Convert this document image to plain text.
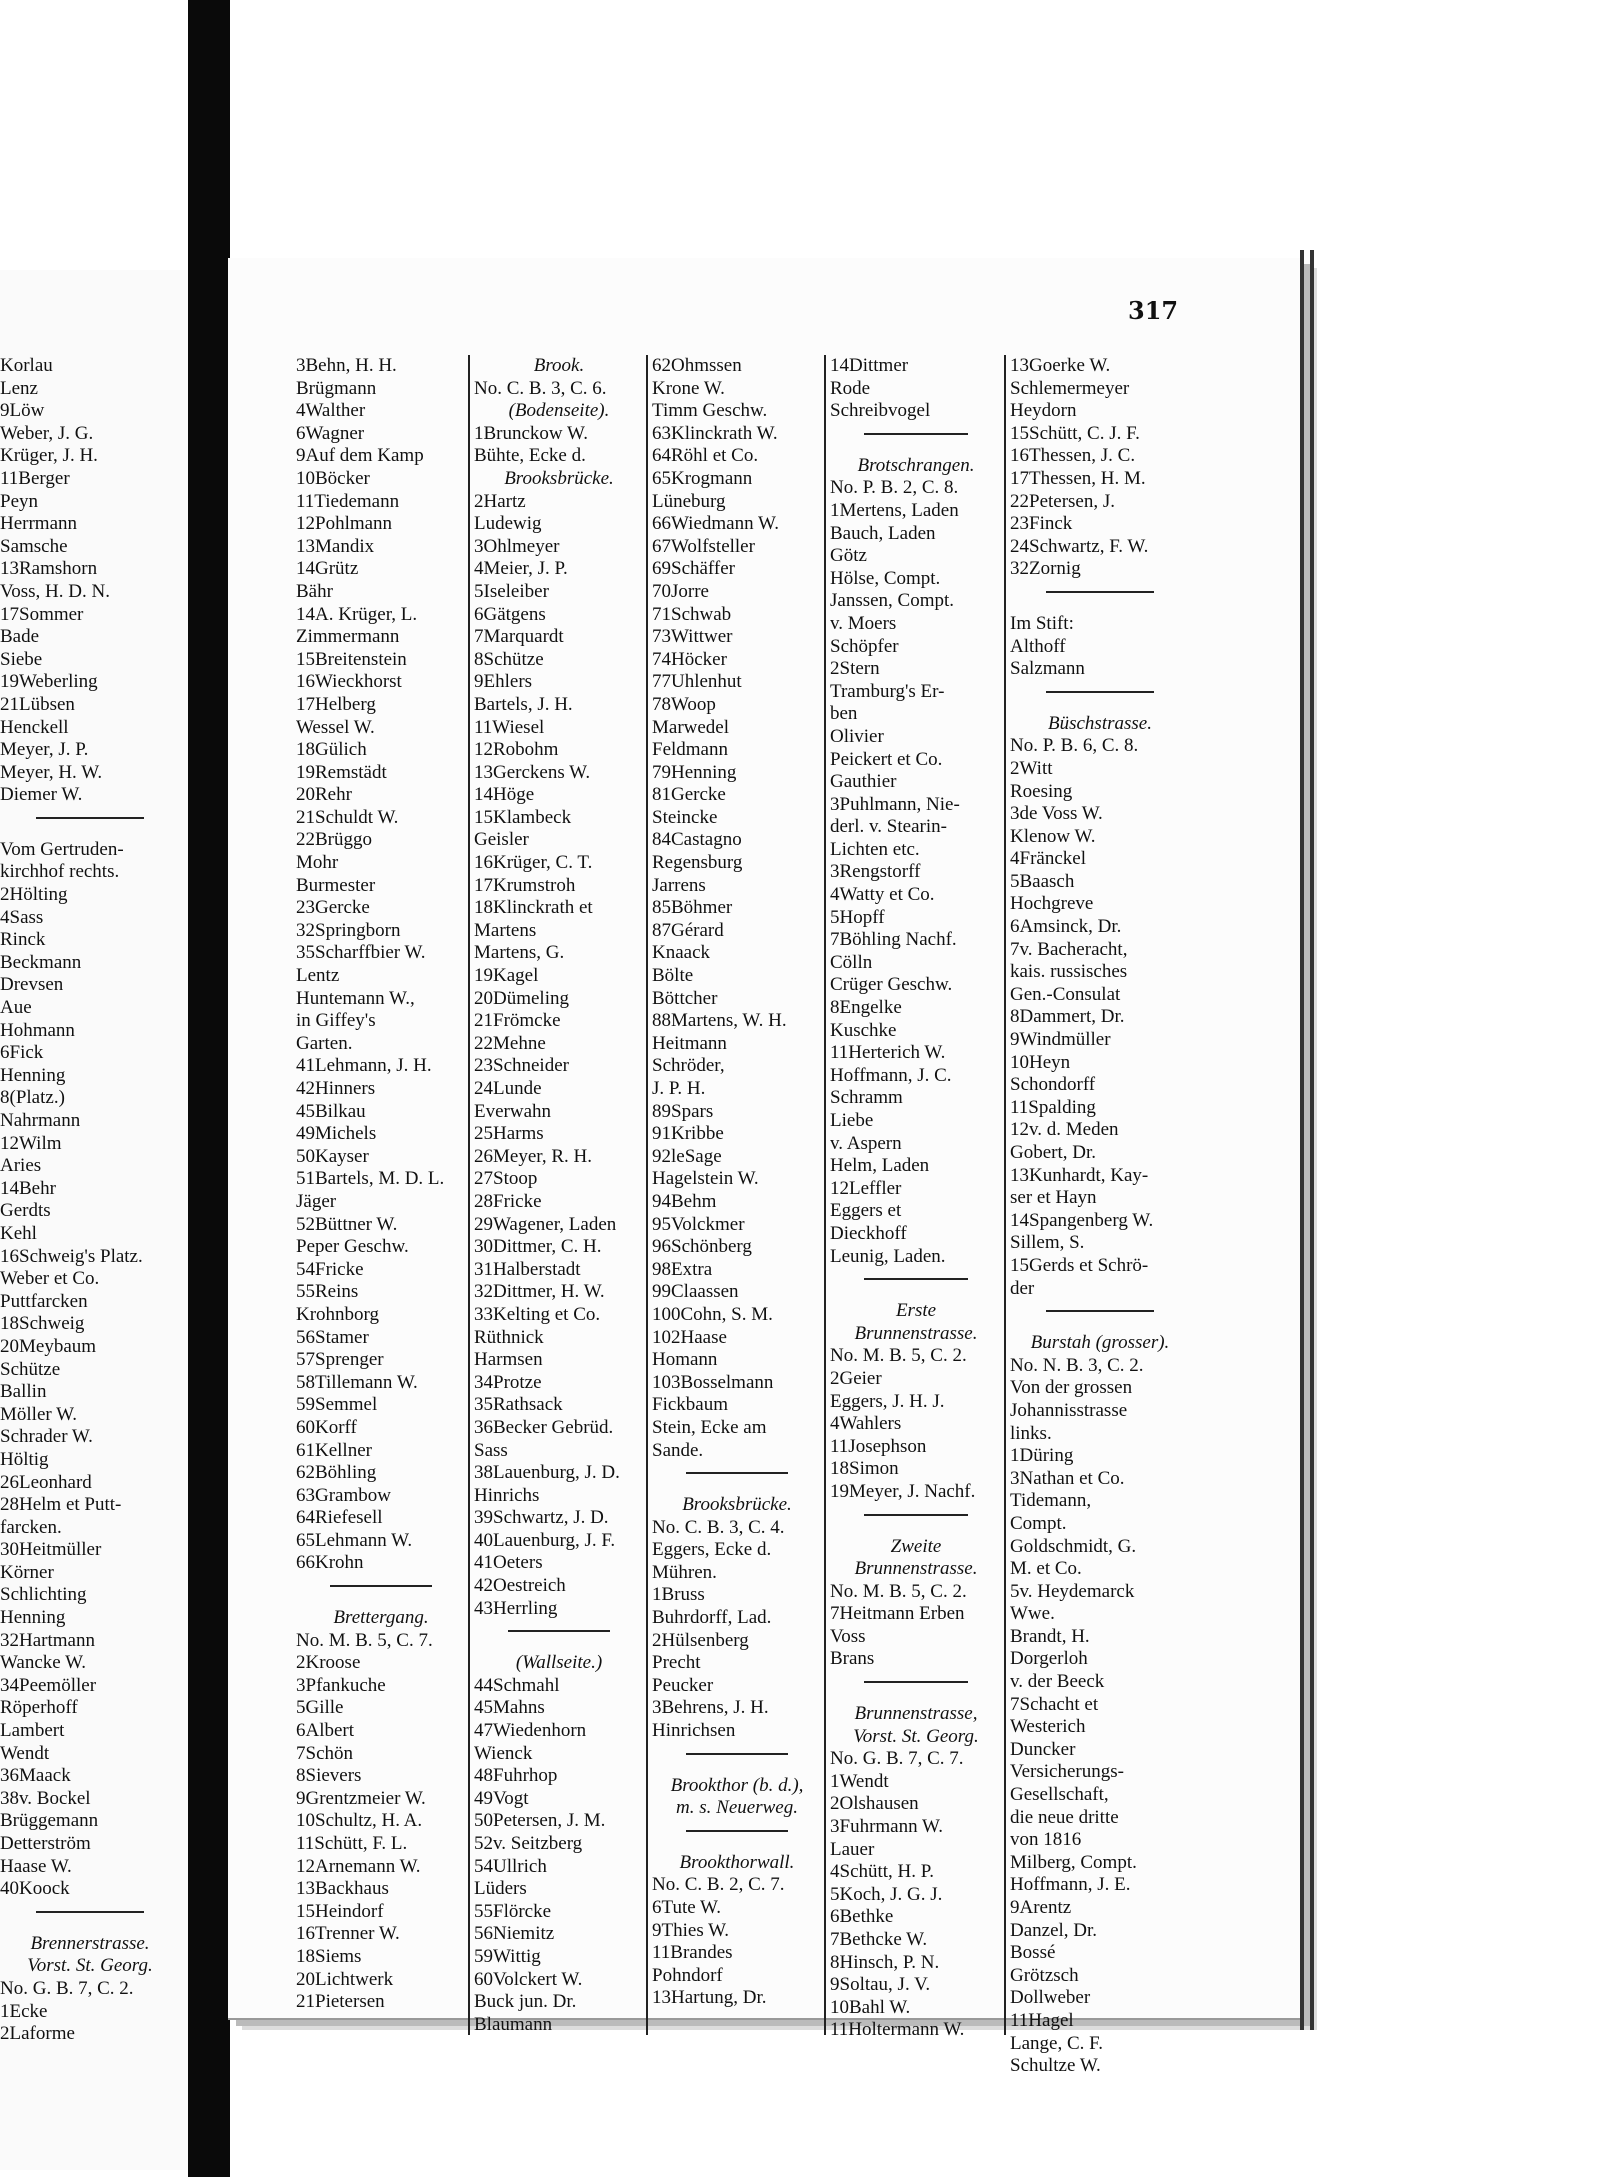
317
Korlau
Lenz
9Löw
Weber, J. G.
Krüger, J. H.
11Berger
Peyn
Herrmann
Samsche
13Ramshorn
Voss, H. D. N.
17Sommer
Bade
Siebe
19Weberling
21Lübsen
Henckell
Meyer, J. P.
Meyer, H. W.
Diemer W.
Vom Gertruden-
kirchhof rechts.
2Hölting
4Sass
Rinck
Beckmann
Drevsen
Aue
Hohmann
6Fick
Henning
8(Platz.)
Nahrmann
12Wilm
Aries
14Behr
Gerdts
Kehl
16Schweig's Platz.
Weber et Co.
Puttfarcken
18Schweig
20Meybaum
Schütze
Ballin
Möller W.
Schrader W.
Höltig
26Leonhard
28Helm et Putt-
farcken.
30Heitmüller
Körner
Schlichting
Henning
32Hartmann
Wancke W.
34Peemöller
Röperhoff
Lambert
Wendt
36Maack
38v. Bockel
Brüggemann
Detterström
Haase W.
40Koock
Brennerstrasse.
Vorst. St. Georg.
No. G. B. 7, C. 2.
1Ecke
2Laforme
3Behn, H. H.
Brügmann
4Walther
6Wagner
9Auf dem Kamp
10Böcker
11Tiedemann
12Pohlmann
13Mandix
14Grütz
Bähr
14A. Krüger, L.
Zimmermann
15Breitenstein
16Wieckhorst
17Helberg
Wessel W.
18Gülich
19Remstädt
20Rehr
21Schuldt W.
22Brüggo
Mohr
Burmester
23Gercke
32Springborn
35Scharffbier W.
Lentz
Huntemann W.,
in Giffey's
Garten.
41Lehmann, J. H.
42Hinners
45Bilkau
49Michels
50Kayser
51Bartels, M. D. L.
Jäger
52Büttner W.
Peper Geschw.
54Fricke
55Reins
Krohnborg
56Stamer
57Sprenger
58Tillemann W.
59Semmel
60Korff
61Kellner
62Böhling
63Grambow
64Riefesell
65Lehmann W.
66Krohn
Brettergang.
No. M. B. 5, C. 7.
2Kroose
3Pfankuche
5Gille
6Albert
7Schön
8Sievers
9Grentzmeier W.
10Schultz, H. A.
11Schütt, F. L.
12Arnemann W.
13Backhaus
15Heindorf
16Trenner W.
18Siems
20Lichtwerk
21Pietersen
Brook.
No. C. B. 3, C. 6.
(Bodenseite).
1Brunckow W.
Bühte, Ecke d.
Brooksbrücke.
2Hartz
Ludewig
3Ohlmeyer
4Meier, J. P.
5Iseleiber
6Gätgens
7Marquardt
8Schütze
9Ehlers
Bartels, J. H.
11Wiesel
12Robohm
13Gerckens W.
14Höge
15Klambeck
Geisler
16Krüger, C. T.
17Krumstroh
18Klinckrath et
Martens
Martens, G.
19Kagel
20Dümeling
21Frömcke
22Mehne
23Schneider
24Lunde
Everwahn
25Harms
26Meyer, R. H.
27Stoop
28Fricke
29Wagener, Laden
30Dittmer, C. H.
31Halberstadt
32Dittmer, H. W.
33Kelting et Co.
Rüthnick
Harmsen
34Protze
35Rathsack
36Becker Gebrüd.
Sass
38Lauenburg, J. D.
Hinrichs
39Schwartz, J. D.
40Lauenburg, J. F.
41Oeters
42Oestreich
43Herrling
(Wallseite.)
44Schmahl
45Mahns
47Wiedenhorn
Wienck
48Fuhrhop
49Vogt
50Petersen, J. M.
52v. Seitzberg
54Ullrich
Lüders
55Flörcke
56Niemitz
59Wittig
60Volckert W.
Buck jun. Dr.
Blaumann
62Ohmssen
Krone W.
Timm Geschw.
63Klinckrath W.
64Röhl et Co.
65Krogmann
Lüneburg
66Wiedmann W.
67Wolfsteller
69Schäffer
70Jorre
71Schwab
73Wittwer
74Höcker
77Uhlenhut
78Woop
Marwedel
Feldmann
79Henning
81Gercke
Steincke
84Castagno
Regensburg
Jarrens
85Böhmer
87Gérard
Knaack
Bölte
Böttcher
88Martens, W. H.
Heitmann
Schröder,
J. P. H.
89Spars
91Kribbe
92leSage
Hagelstein W.
94Behm
95Volckmer
96Schönberg
98Extra
99Claassen
100Cohn, S. M.
102Haase
Homann
103Bosselmann
Fickbaum
Stein, Ecke am
Sande.
Brooksbrücke.
No. C. B. 3, C. 4.
Eggers, Ecke d.
Mühren.
1Bruss
Buhrdorff, Lad.
2Hülsenberg
Precht
Peucker
3Behrens, J. H.
Hinrichsen
Brookthor (b. d.),
m. s. Neuerweg.
Brookthorwall.
No. C. B. 2, C. 7.
6Tute W.
9Thies W.
11Brandes
Pohndorf
13Hartung, Dr.
14Dittmer
Rode
Schreibvogel
Brotschrangen.
No. P. B. 2, C. 8.
1Mertens, Laden
Bauch, Laden
Götz
Hölse, Compt.
Janssen, Compt.
v. Moers
Schöpfer
2Stern
Tramburg's Er-
ben
Olivier
Peickert et Co.
Gauthier
3Puhlmann, Nie-
derl. v. Stearin-
Lichten etc.
3Rengstorff
4Watty et Co.
5Hopff
7Böhling Nachf.
Cölln
Crüger Geschw.
8Engelke
Kuschke
11Herterich W.
Hoffmann, J. C.
Schramm
Liebe
v. Aspern
Helm, Laden
12Leffler
Eggers et
Dieckhoff
Leunig, Laden.
Erste
Brunnenstrasse.
No. M. B. 5, C. 2.
2Geier
Eggers, J. H. J.
4Wahlers
11Josephson
18Simon
19Meyer, J. Nachf.
Zweite
Brunnenstrasse.
No. M. B. 5, C. 2.
7Heitmann Erben
Voss
Brans
Brunnenstrasse,
Vorst. St. Georg.
No. G. B. 7, C. 7.
1Wendt
2Olshausen
3Fuhrmann W.
Lauer
4Schütt, H. P.
5Koch, J. G. J.
6Bethke
7Bethcke W.
8Hinsch, P. N.
9Soltau, J. V.
10Bahl W.
11Holtermann W.
13Goerke W.
Schlemermeyer
Heydorn
15Schütt, C. J. F.
16Thessen, J. C.
17Thessen, H. M.
22Petersen, J.
23Finck
24Schwartz, F. W.
32Zornig
Im Stift:
Althoff
Salzmann
Büschstrasse.
No. P. B. 6, C. 8.
2Witt
Roesing
3de Voss W.
Klenow W.
4Fränckel
5Baasch
Hochgreve
6Amsinck, Dr.
7v. Bacheracht,
kais. russisches
Gen.-Consulat
8Dammert, Dr.
9Windmüller
10Heyn
Schondorff
11Spalding
12v. d. Meden
Gobert, Dr.
13Kunhardt, Kay-
ser et Hayn
14Spangenberg W.
Sillem, S.
15Gerds et Schrö-
der
Burstah (grosser).
No. N. B. 3, C. 2.
Von der grossen
Johannisstrasse
links.
1Düring
3Nathan et Co.
Tidemann,
Compt.
Goldschmidt, G.
M. et Co.
5v. Heydemarck
Wwe.
Brandt, H.
Dorgerloh
v. der Beeck
7Schacht et
Westerich
Duncker
Versicherungs-
Gesellschaft,
die neue dritte
von 1816
Milberg, Compt.
Hoffmann, J. E.
9Arentz
Danzel, Dr.
Bossé
Grötzsch
Dollweber
11Hagel
Lange, C. F.
Schultze W.
